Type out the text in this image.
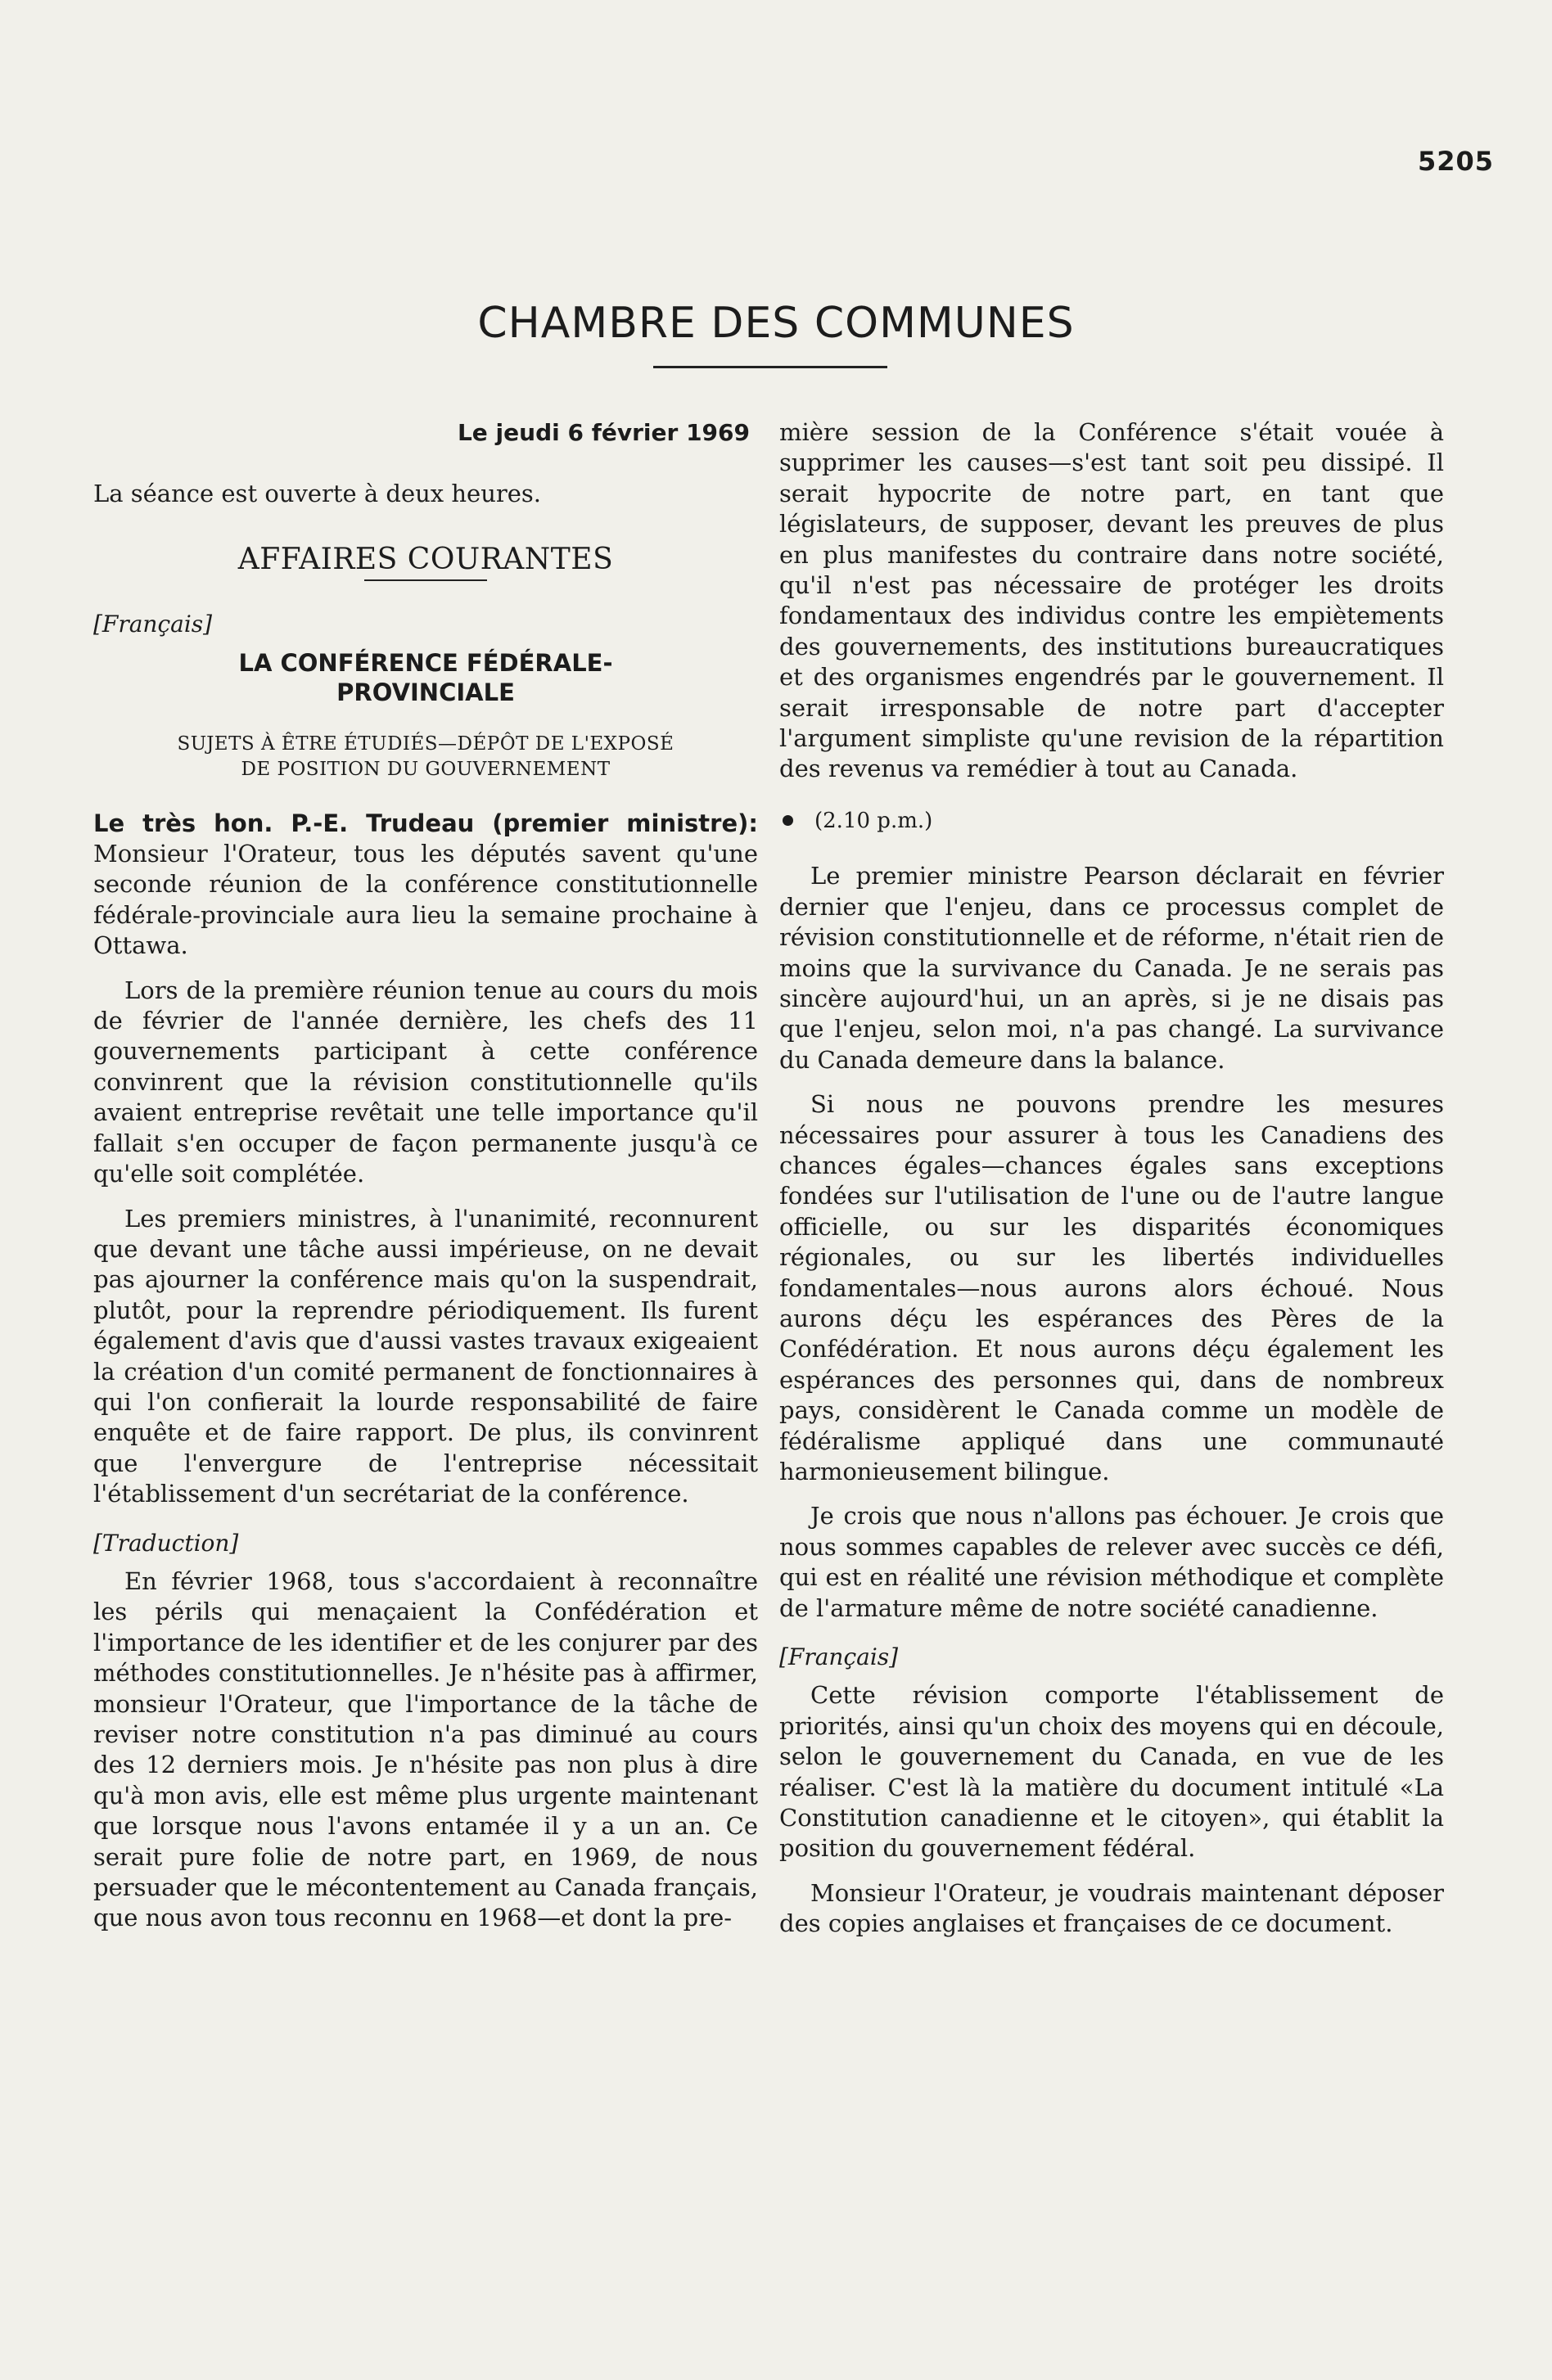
5205
CHAMBRE DES COMMUNES
Le jeudi 6 février 1969

La séance est ouverte à deux heures.

AFFAIRES COURANTES
[Français]
LA CONFÉRENCE FÉDÉRALE-
PROVINCIALE
SUJETS À ÊTRE ÉTUDIÉS—DÉPÔT DE L'EXPOSÉ
DE POSITION DU GOUVERNEMENT

Le très hon. P.-E. Trudeau (premier ministre): Monsieur l'Orateur, tous les députés savent qu'une seconde réunion de la conférence constitutionnelle fédérale-provinciale aura lieu la semaine prochaine à Ottawa.

Lors de la première réunion tenue au cours du mois de février de l'année dernière, les chefs des 11 gouvernements participant à cette conférence convinrent que la révision constitutionnelle qu'ils avaient entreprise revêtait une telle importance qu'il fallait s'en occuper de façon permanente jusqu'à ce qu'elle soit complétée.

Les premiers ministres, à l'unanimité, reconnurent que devant une tâche aussi impérieuse, on ne devait pas ajourner la conférence mais qu'on la suspendrait, plutôt, pour la reprendre périodiquement. Ils furent également d'avis que d'aussi vastes travaux exigeaient la création d'un comité permanent de fonctionnaires à qui l'on confierait la lourde responsabilité de faire enquête et de faire rapport. De plus, ils convinrent que l'envergure de l'entreprise nécessitait l'établissement d'un secrétariat de la conférence.

[Traduction]

En février 1968, tous s'accordaient à reconnaître les périls qui menaçaient la Confédération et l'importance de les identifier et de les conjurer par des méthodes constitutionnelles. Je n'hésite pas à affirmer, monsieur l'Orateur, que l'importance de la tâche de reviser notre constitution n'a pas diminué au cours des 12 derniers mois. Je n'hésite pas non plus à dire qu'à mon avis, elle est même plus urgente maintenant que lorsque nous l'avons entamée il y a un an. Ce serait pure folie de notre part, en 1969, de nous persuader que le mécontentement au Canada français, que nous avon tous reconnu en 1968—et dont la pre-

mière session de la Conférence s'était vouée à supprimer les causes—s'est tant soit peu dissipé. Il serait hypocrite de notre part, en tant que législateurs, de supposer, devant les preuves de plus en plus manifestes du contraire dans notre société, qu'il n'est pas nécessaire de protéger les droits fondamentaux des individus contre les empiètements des gouvernements, des institutions bureaucratiques et des organismes engendrés par le gouvernement. Il serait irresponsable de notre part d'accepter l'argument simpliste qu'une revision de la répartition des revenus va remédier à tout au Canada.

(2.10 p.m.)

Le premier ministre Pearson déclarait en février dernier que l'enjeu, dans ce processus complet de révision constitutionnelle et de réforme, n'était rien de moins que la survivance du Canada. Je ne serais pas sincère aujourd'hui, un an après, si je ne disais pas que l'enjeu, selon moi, n'a pas changé. La survivance du Canada demeure dans la balance.

Si nous ne pouvons prendre les mesures nécessaires pour assurer à tous les Canadiens des chances égales—chances égales sans exceptions fondées sur l'utilisation de l'une ou de l'autre langue officielle, ou sur les disparités économiques régionales, ou sur les libertés individuelles fondamentales—nous aurons alors échoué. Nous aurons déçu les espérances des Pères de la Confédération. Et nous aurons déçu également les espérances des personnes qui, dans de nombreux pays, considèrent le Canada comme un modèle de fédéralisme appliqué dans une communauté harmonieusement bilingue.

Je crois que nous n'allons pas échouer. Je crois que nous sommes capables de relever avec succès ce défi, qui est en réalité une révision méthodique et complète de l'armature même de notre société canadienne.

[Français]

Cette révision comporte l'établissement de priorités, ainsi qu'un choix des moyens qui en découle, selon le gouvernement du Canada, en vue de les réaliser. C'est là la matière du document intitulé «La Constitution canadienne et le citoyen», qui établit la position du gouvernement fédéral.

Monsieur l'Orateur, je voudrais maintenant déposer des copies anglaises et françaises de ce document.
